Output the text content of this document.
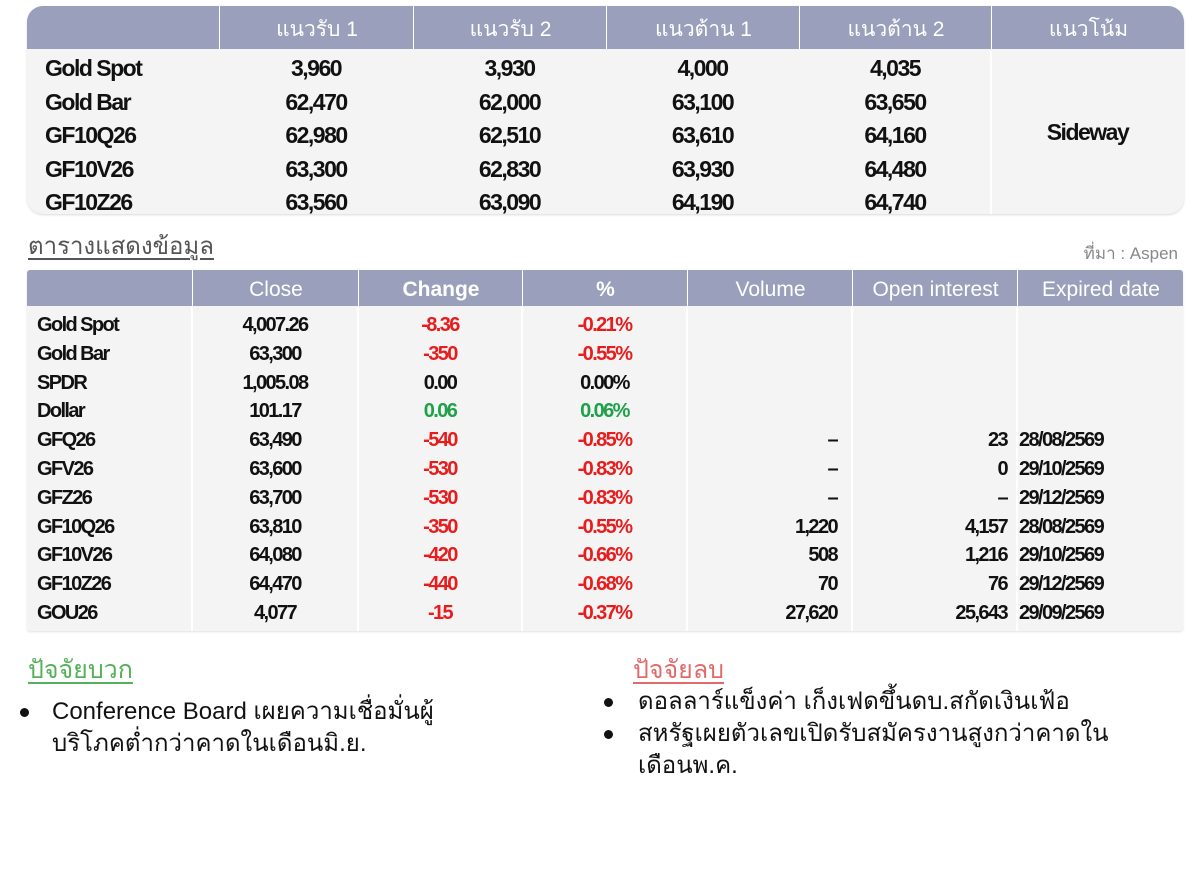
แนวรับ 1	แนวรับ 2	แนวต้าน 1	แนวต้าน 2	แนวโน้ม
Gold Spot	3,960	3,930	4,000	4,035
Gold Bar	62,470	62,000	63,100	63,650
GF10Q26	62,980	62,510	63,610	64,160
GF10V26	63,300	62,830	63,930	64,480
GF10Z26	63,560	63,090	64,190	64,740
Sideway
ตารางแสดงข้อมูล	ที่มา : Aspen
Close	Change	%	Volume	Open interest	Expired date
Gold Spot	4,007.26	-8.36	-0.21%
Gold Bar	63,300	-350	-0.55%
SPDR	1,005.08	0.00	0.00%
Dollar	101.17	0.06	0.06%
GFQ26	63,490	-540	-0.85%	–	23 28/08/2569
GFV26	63,600	-530	-0.83%	–	0 29/10/2569
GFZ26	63,700	-530	-0.83%	–	– 29/12/2569
GF10Q26	63,810	-350	-0.55%	1,220	4,157 28/08/2569
GF10V26	64,080	-420	-0.66%	508	1,216 29/10/2569
GF10Z26	64,470	-440	-0.68%	70	76 29/12/2569
GOU26	4,077	-15	-0.37%	27,620	25,643 29/09/2569
ปัจจัยบวก
Conference Board เผยความเชื่อมั่นผู้บริโภคต่ำกว่าคาดในเดือนมิ.ย.
ปัจจัยลบ
ดอลลาร์แข็งค่า เก็งเฟดขึ้นดบ.สกัดเงินเฟ้อ
สหรัฐเผยตัวเลขเปิดรับสมัครงานสูงกว่าคาดในเดือนพ.ค.
